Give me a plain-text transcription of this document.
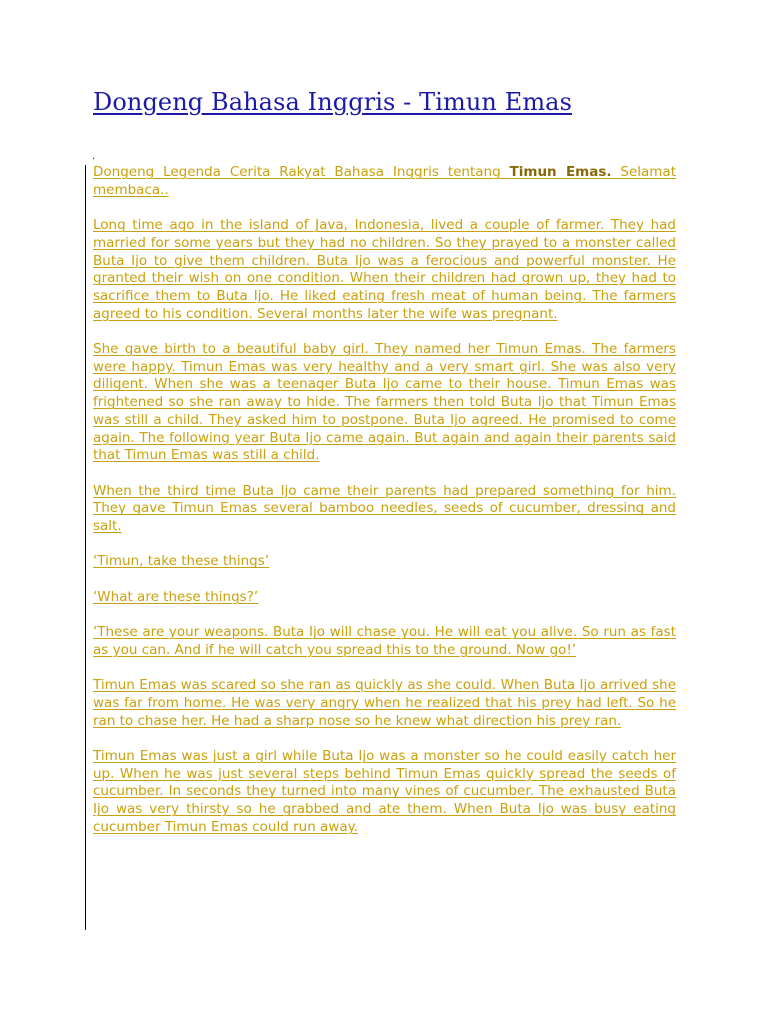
Dongeng Bahasa Inggris - Timun Emas
.

Dongeng Legenda Cerita Rakyat Bahasa Inggris tentang Timun Emas. Selamat membaca..

Long time ago in the island of Java, Indonesia, lived a couple of farmer. They had married for some years but they had no children. So they prayed to a monster called Buta Ijo to give them children. Buta Ijo was a ferocious and powerful monster. He granted their wish on one condition. When their children had grown up, they had to sacrifice them to Buta Ijo. He liked eating fresh meat of human being. The farmers agreed to his condition. Several months later the wife was pregnant.

She gave birth to a beautiful baby girl. They named her Timun Emas. The farmers were happy. Timun Emas was very healthy and a very smart girl. She was also very diligent. When she was a teenager Buta Ijo came to their house. Timun Emas was frightened so she ran away to hide. The farmers then told Buta Ijo that Timun Emas was still a child. They asked him to postpone. Buta Ijo agreed. He promised to come again. The following year Buta Ijo came again. But again and again their parents said that Timun Emas was still a child.

When the third time Buta Ijo came their parents had prepared something for him. They gave Timun Emas several bamboo needles, seeds of cucumber, dressing and salt.

‘Timun, take these things’

‘What are these things?’

‘These are your weapons. Buta Ijo will chase you. He will eat you alive. So run as fast as you can. And if he will catch you spread this to the ground. Now go!’

Timun Emas was scared so she ran as quickly as she could. When Buta Ijo arrived she was far from home. He was very angry when he realized that his prey had left. So he ran to chase her. He had a sharp nose so he knew what direction his prey ran.

Timun Emas was just a girl while Buta Ijo was a monster so he could easily catch her up. When he was just several steps behind Timun Emas quickly spread the seeds of cucumber. In seconds they turned into many vines of cucumber. The exhausted Buta Ijo was very thirsty so he grabbed and ate them. When Buta Ijo was busy eating cucumber Timun Emas could run away.
